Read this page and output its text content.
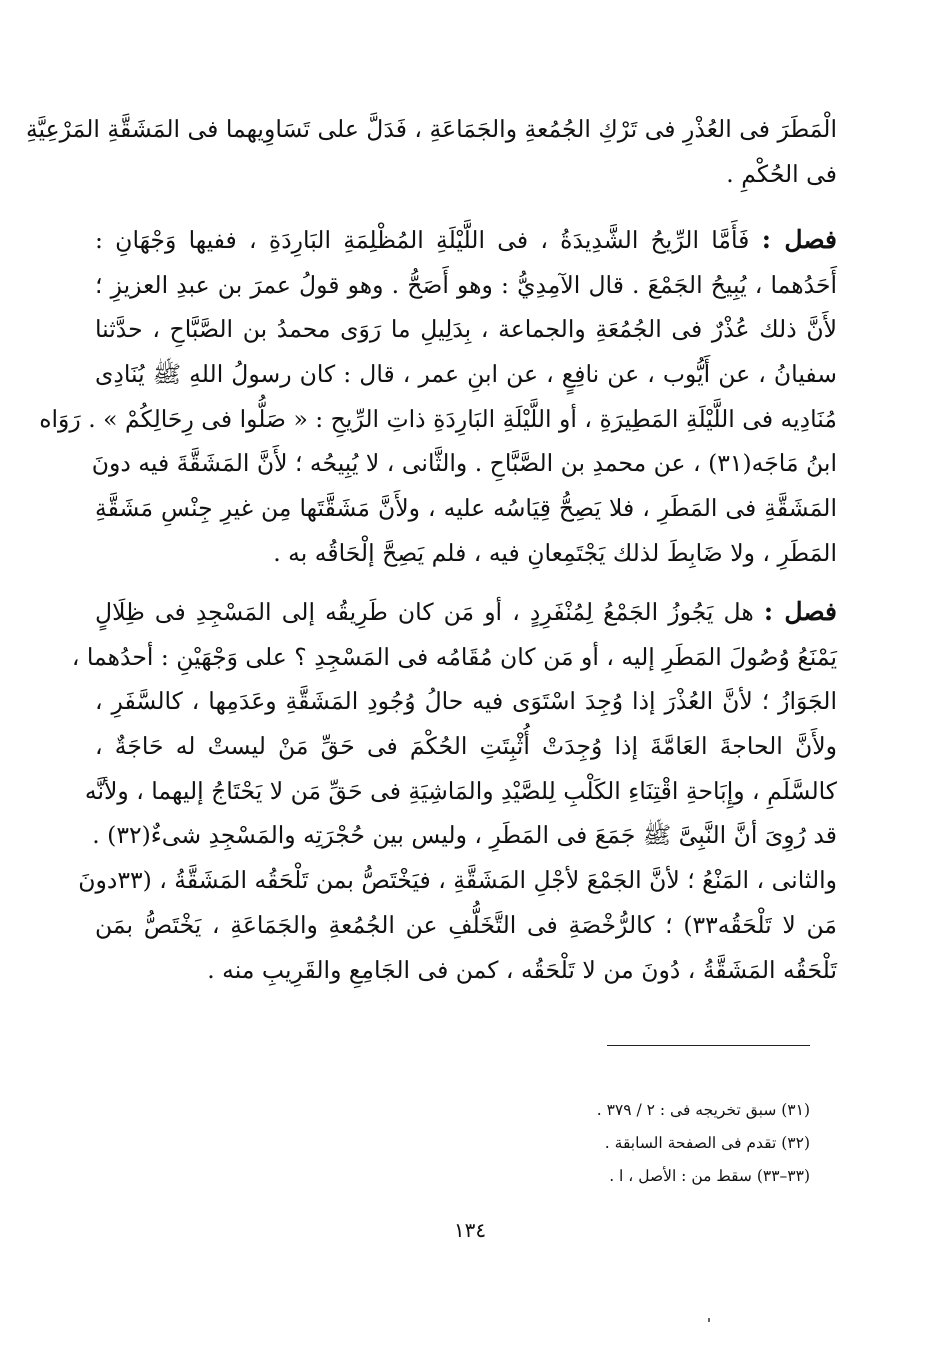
الْمَطَرَ فى العُذْرِ فى تَرْكِ الجُمُعةِ والجَمَاعَةِ ، فَدَلَّ على تَسَاوِيهما فى المَشَقَّةِ المَرْعِيَّةِ
فى الحُكْمِ .
فصل : فَأَمَّا الرِّيحُ الشَّدِيدَةُ ، فى اللَّيْلَةِ المُظْلِمَةِ البَارِدَةِ ، ففيها وَجْهَانِ :
أَحَدُهما ، يُبِيحُ الجَمْعَ . قال الآمِدِيُّ : وهو أَصَحُّ . وهو قولُ عمرَ بن عبدِ العزيزِ ؛
لأَنَّ ذلك عُذْرٌ فى الجُمُعَةِ والجماعة ، بِدَلِيلِ ما رَوَى محمدُ بن الصَّبَّاحِ ، حدَّثنا
سفيانُ ، عن أَيُّوب ، عن نافِعٍ ، عن ابنِ عمر ، قال : كان رسولُ اللهِ ﷺ يُنَادِى
مُنَادِيه فى اللَّيْلَةِ المَطِيرَةِ ، أو اللَّيْلَةِ البَارِدَةِ ذاتِ الرِّيحِ : « صَلُّوا فى رِحَالِكُمْ » . رَوَاه
ابنُ مَاجَه(٣١) ، عن محمدِ بن الصَّبَّاحِ . والثَّانى ، لا يُبِيحُه ؛ لأَنَّ المَشَقَّةَ فيه دونَ
المَشَقَّةِ فى المَطَرِ ، فلا يَصِحُّ قِيَاسُه عليه ، ولأَنَّ مَشَقَّتَها مِن غيرِ جِنْسِ مَشَقَّةِ
المَطَرِ ، ولا ضَابِطَ لذلك يَجْتَمِعانِ فيه ، فلم يَصِحَّ إلْحَاقُه به .
فصل : هل يَجُوزُ الجَمْعُ لِمُنْفَرِدٍ ، أو مَن كان طَرِيقُه إلى المَسْجِدِ فى ظِلَالٍ
يَمْنَعُ وُصُولَ المَطَرِ إليه ، أو مَن كان مُقَامُه فى المَسْجِدِ ؟ على وَجْهَيْنِ : أحدُهما ،
الجَوَازُ ؛ لأنَّ العُذْرَ إذا وُجِدَ اسْتَوَى فيه حالُ وُجُودِ المَشَقَّةِ وعَدَمِها ، كالسَّفَرِ ،
ولأَنَّ الحاجةَ العَامَّةَ إذا وُجِدَتْ أُثْبِتَتِ الحُكْمَ فى حَقِّ مَنْ ليستْ له حَاجَةٌ ،
كالسَّلَمِ ، وإِبَاحةِ اقْتِنَاءِ الكَلْبِ لِلصَّيْدِ والمَاشِيَةِ فى حَقِّ مَن لا يَحْتَاجُ إليهما ، ولأنَّه
قد رُوِىَ أنَّ النَّبِىَّ ﷺ جَمَعَ فى المَطَرِ ، وليس بين حُجْرَتِه والمَسْجِدِ شىءٌ(٣٢) .
والثانى ، المَنْعُ ؛ لأنَّ الجَمْعَ لأجْلِ المَشَقَّةِ ، فيَخْتَصُّ بمن تَلْحَقُه المَشَقَّةُ ، (٣٣دونَ
مَن لا تَلْحَقُه٣٣) ؛ كالرُّخْصَةِ فى التَّخَلُّفِ عن الجُمُعةِ والجَمَاعَةِ ، يَخْتَصُّ بمَن
تَلْحَقُه المَشَقَّةُ ، دُونَ من لا تَلْحَقُه ، كمن فى الجَامِعِ والقَرِيبِ منه .
(٣١) سبق تخريجه فى : ٢ / ٣٧٩ .
(٣٢) تقدم فى الصفحة السابقة .
(٣٣–٣٣) سقط من : الأصل ، ا .
١٣٤
